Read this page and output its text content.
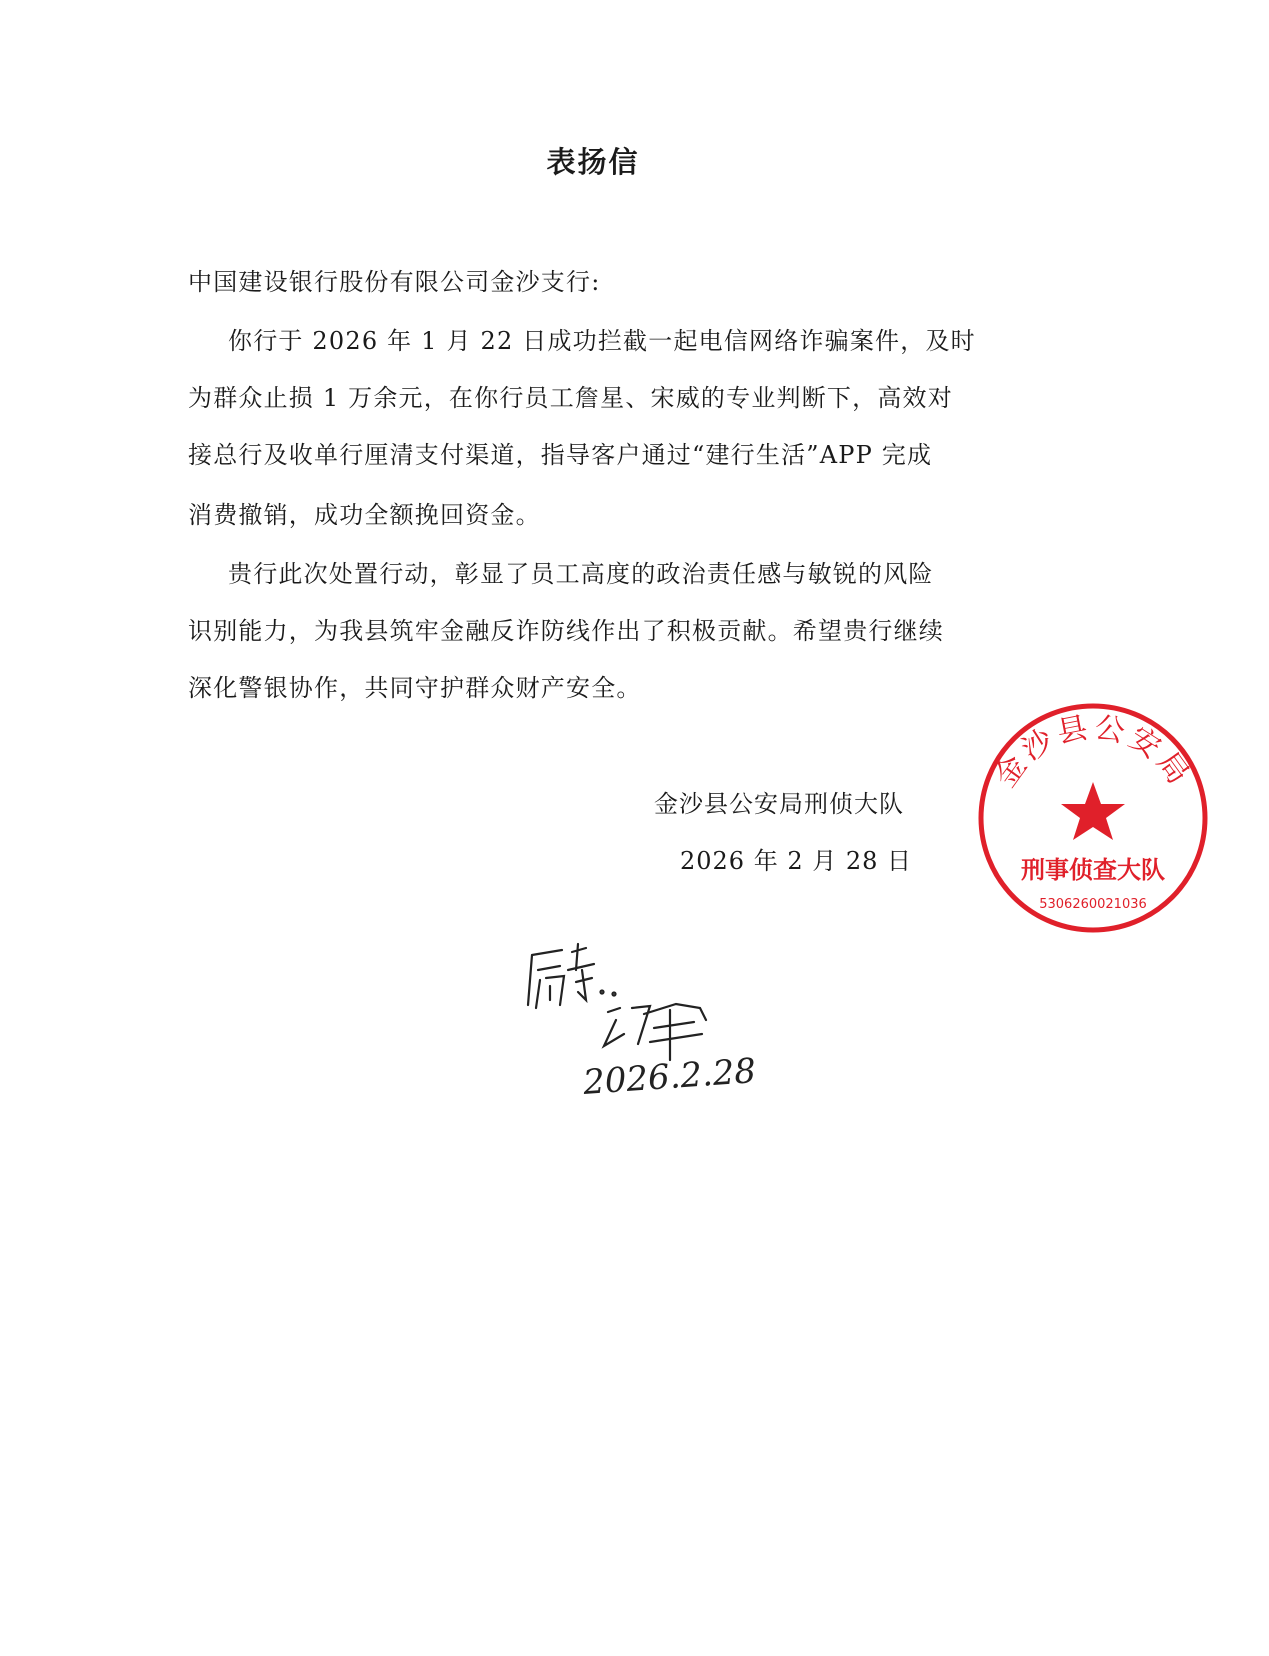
表扬信
中国建设银行股份有限公司金沙支行:
你行于 2026 年 1 月 22 日成功拦截一起电信网络诈骗案件，及时
为群众止损 1 万余元，在你行员工詹星、宋威的专业判断下，高效对
接总行及收单行厘清支付渠道，指导客户通过“建行生活”APP 完成
消费撤销，成功全额挽回资金。
贵行此次处置行动，彰显了员工高度的政治责任感与敏锐的风险
识别能力，为我县筑牢金融反诈防线作出了积极贡献。希望贵行继续
深化警银协作，共同守护群众财产安全。
金沙县公安局刑侦大队
2026 年 2 月 28 日
金沙县公安局
刑事侦查大队
5306260021036
2026.2.28
